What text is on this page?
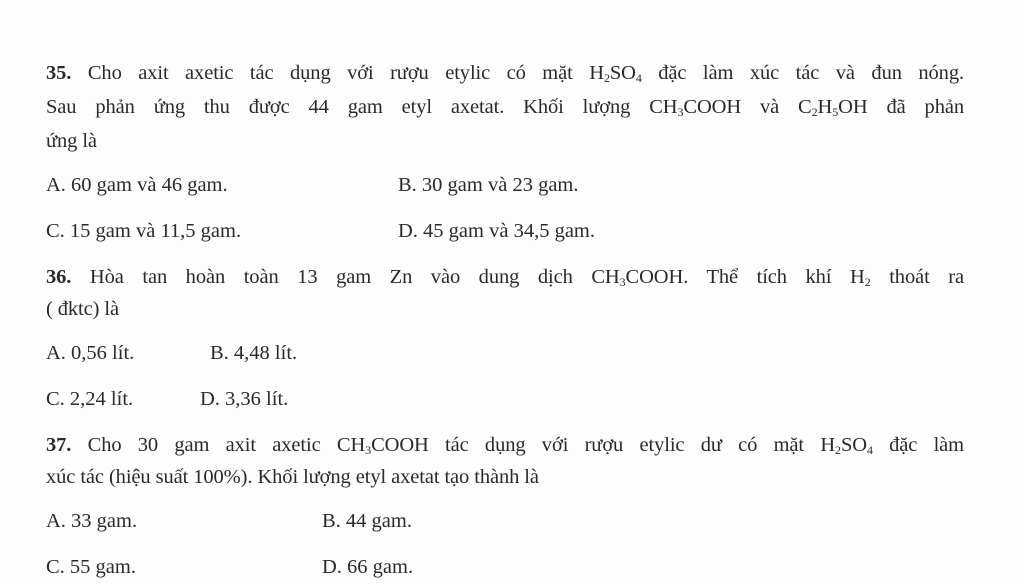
35. Cho axit axetic tác dụng với rượu etylic có mặt $H_2SO_4$ đặc làm xúc tác và đun nóng.
Sau phản ứng thu được 44 gam etyl axetat. Khối lượng $CH_3COOH$ và $C_2H_5OH$ đã phản
ứng là
A. 60 gam và 46 gam.	B. 30 gam và 23 gam.
C. 15 gam và 11,5 gam.	D. 45 gam và 34,5 gam.
36. Hòa tan hoàn toàn 13 gam Zn vào dung dịch $CH_3COOH$. Thể tích khí $H_2$ thoát ra
( đktc) là
A. 0,56 lít.	B. 4,48 lít.
C. 2,24 lít.	D. 3,36 lít.
37. Cho 30 gam axit axetic $CH_3COOH$ tác dụng với rượu etylic dư có mặt $H_2SO_4$ đặc làm
xúc tác (hiệu suất 100%). Khối lượng etyl axetat tạo thành là
A. 33 gam.	B. 44 gam.
C. 55 gam.	D. 66 gam.
